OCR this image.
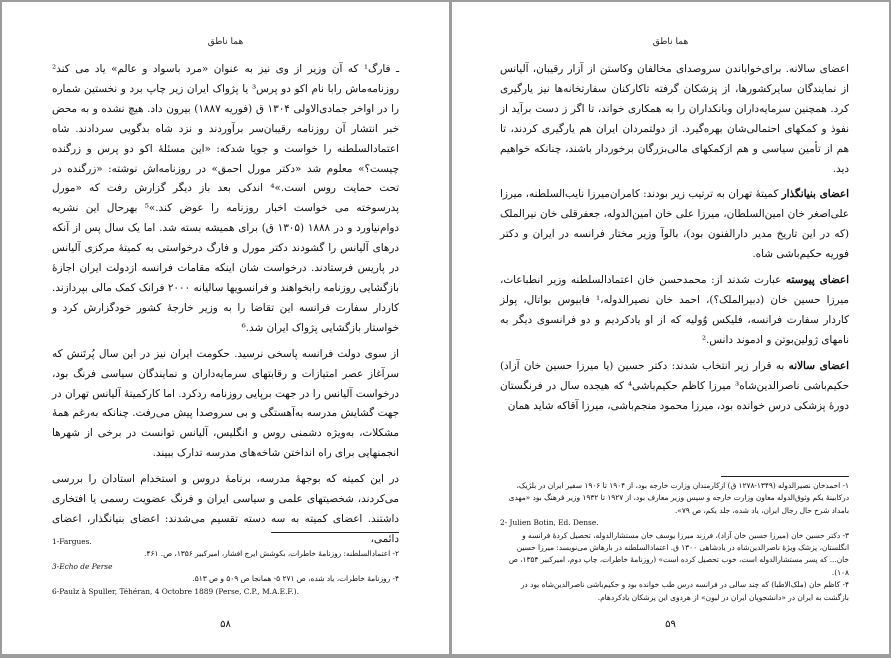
هما ناطق

ـ فارگ¹ که آن وزیر از وی نیز به عنوان «مرد باسواد و عالم» یاد می کند² روزنامه‌ماش رابا نام اکو دو پرس³ یا پژواک ایران زیر چاپ برد و نخستین شماره را در اواخر جمادی‌الاولی ۱۳۰۴ ق (فوریه ۱۸۸۷) بیرون داد. هیچ نشده و به محض خبر انتشار آن روزنامه رقیبان‌سر برآوردند و نزد شاه بدگویی سردادند. شاه اعتمادالسلطنه را خواست و جویا شدکه: «این مسئلهٔ اکو دو پرس و زرگنده چیست؟» معلوم شد «دکتر مورل احمق» در روزنامه‌اش نوشته: «زرگنده در تحت حمایت روس است.»⁴ اندکی بعد باز دیگر گزارش رفت که «مورل پدرسوخته می خواست اخبار روزنامه را عوض کند.»⁵ بهرحال این نشریه دوام‌نیاورد و در ۱۸۸۸ (۱۳۰۵ ق) برای همیشه بسته شد. اما یک سال پس از آنکه درهای آلیانس را گشودند دکتر مورل و فارگ درخواستی به کمیتهٔ مرکزی آلیانس در پاریس فرستادند. درخواست شان اینکه مقامات فرانسه ازدولت ایران اجازهٔ بازگشایی روزنامه رابخواهند و فرانسویها سالیانه ۲۰۰۰ فرانک کمک مالی بپردازند. کاردار سفارت فرانسه این تقاضا را به وزیر خارجهٔ کشور خودگزارش کرد و خواستار بازگشایی پژواک ایران شد.⁶

از سوی دولت فرانسه پاسخی نرسید. حکومت ایران نیز در این سال پُرتَنش که سرآغاز عصر امتیازات و رقابتهای سرمایه‌داران و نمایندگان سیاسی فرنگ بود، درخواست آلیانس را در جهت برپایی روزنامه ردکرد. اما کارکمیتهٔ آلیانس تهران در جهت گشایش مدرسه به‌آهستگی و بی سروصدا پیش می‌رفت. چنانکه به‌رغم همهٔ مشکلات، به‌ویژه دشمنی روس و انگلیس، آلیانس توانست در برخی از شهرها انجمنهایی برای راه انداختن شاخه‌های مدرسه تدارک ببیند.

در این کمیته که بوجههٔ مدرسه، برنامهٔ دروس و استخدام استادان را بررسی می‌کردند، شخصیتهای علمی و سیاسی ایران و فرنگ عضویت رسمی یا افتخاری داشتند. اعضای کمیته به سه دسته تقسیم می‌شدند: اعضای بنیانگذار، اعضای دائمی،

1-Fargues.

۲- اعتمادالسلطنه: روزنامهٔ خاطرات، بکوشش ایرج افشار، امیرکبیر ۱۳۵۶، ص. ۴۶۱.

3-Echo de Perse

۴- روزنامهٔ خاطرات، یاد شده، ص ۲۷۱ ۵- همانجا ص ۵۰۹ و ص ۵۱۳.

6-Paulz à Spuller, Téhéran, 4 Octobre 1889 (Perse, C.P., M.A.E.F.).

۵۸
هما ناطق

اعضای سالانه. برای‌خواباندن سروصدای مخالفان وکاستن از آزار رقیبان، آلیانس از نمایندگان سایرکشورها، از پزشکان گرفته تاکارکنان سفارتخانه‌ها نیز یارگیری کرد. همچنین سرمایه‌داران وبانکداران را به همکاری خواند، تا اگر ز دست برآید از نفوذ و کمکهای احتمالی‌شان بهره‌گیرد. از دولتمردان ایران هم یارگیری کردند، تا هم از تأمین سیاسی و هم ازکمکهای مالی‌بزرگان برخوردار باشند، چنانکه خواهیم دید.

اعضای بنیانگذار کمیتهٔ تهران به ترتیب زیر بودند: کامران‌میرزا نایب‌السلطنه، میرزا علی‌اصغر خان امین‌السلطان، میرزا علی خان امین‌الدوله، جعفرقلی خان نیرالملک (که در این تاریخ مدیر دارالفنون بود)، بالوآ وزیر مختار فرانسه در ایران و دکتر فوریه حکیم‌باشی شاه.

اعضای پیوسته عبارت شدند از: محمدحسن خان اعتمادالسلطنه وزیر انطباعات، میرزا حسین خان (دبیرالملک؟)، احمد خان نصیرالدوله،¹ فابیوس بواتال، پولز کاردار سفارت فرانسه، فلیکس وُولیه که از او یادکردیم و دو فرانسوی دیگر به نامهای ژولین‌بوتن و ادموند دانس.²

اعضای سالانه به قرار زیر انتخاب شدند: دکتر حسین (یا میرزا حسین خان آزاد) حکیم‌باشی ناصرالدین‌شاه³ میرزا کاظم حکیم‌باشی⁴ که هیجده سال در فرنگستان دورهٔ پزشکی درس خوانده بود، میرزا محمود منجم‌باشی، میرزا آقاکه شاید همان

۱- احمدخان نصیرالدوله (۱۳۴۹-۱۲۷۸ ق) ازکارمندان وزارت خارجه بود، از ۱۹۰۴ تا ۱۹۰۶ سفیر ایران در بلژیک، درکابینهٔ یکم وثوق‌الدوله معاون وزارت خارجه و سپس وزیر معارف بود، از ۱۹۲۷ تا ۱۹۳۲ وزیر فرهنگ بود «مهدی بامداد شرح حال رجال ایران، یاد شده، جلد یکم، ص ۷۹».

2- Julien Botin, Ed. Dense.

۳- دکتر حسین خان (میرزا حسین خان آزاد)، فرزند میرزا یوسف خان مستشارالدوله، تحصیل کردهٔ فرانسه و انگلستان، پزشک ویژهٔ ناصرالدین‌شاه در بادشاهی ۱۳۰۰ ق. اعتمادالسلطنه در بارهاش می‌نویسد: میرزا حسین خان... که پسر مستشارالدوله است، خوب تحصیل کرده است» (روزنامهٔ خاطرات، چاپ دوم، امیرکبیر ۱۳۵۴، ص ۱۰۸).

۴- کاظم خان (ملک‌الاطبا) که چند سالی در فرانسه درس طب خوانده بود و حکیم‌باشی ناصرالدین‌شاه بود در بازگشت به ایران در «دانشجویان ایران در لیون» از هردوی این پزشکان یادکردهام.

۵۹
